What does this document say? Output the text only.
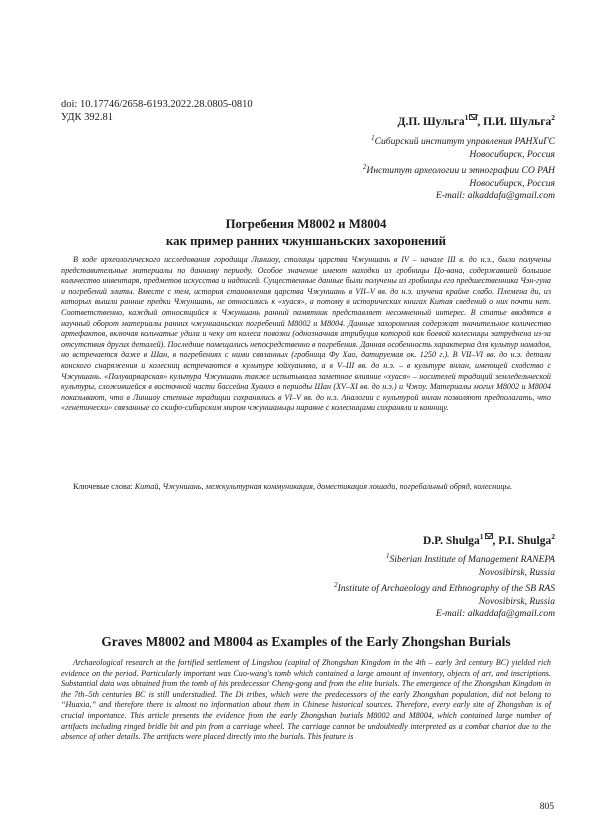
doi: 10.17746/2658-6193.2022.28.0805-0810
УДК 392.81	Д.П. Шульга$^1$ , П.И. Шульга$^2$
$^1$Сибирский институт управления РАНХиГС
Новосибирск, Россия
$^2$Институт археологии и этнографии СО РАН
Новосибирск, Россия
E-mail: alkaddafa@gmail.com
Погребения М8002 и М8004
как пример ранних чжуншаньских захоронений

В ходе археологического исследования городища Линшоу, столицы царства Чжуншань в IV – начале III в. до н.э., были получены представительные материалы по данному периоду. Особое значение имеют находки из гробницы Цо-вана, содержавшей большое количество инвентаря, предметов искусства и надписей. Существенные данные были получены из гробницы его предшественника Чэн-гуна и погребений элиты. Вместе с тем, история становления царства Чжуншань в VII–V вв. до н.э. изучена крайне слабо. Племена ди, из которых вышли ранние предки Чжуншань, не относились к «хуася», а потому в исторических книгах Китая сведений о них почти нет. Соответственно, каждый относящийся к Чжуншань ранний памятник представляет несомненный интерес. В статье вводятся в научный оборот материалы ранних чжуншаньских погребений М8002 и М8004. Данные захоронения содержат значительное количество артефактов, включая кольчатые удила и чеку от колеса повозки (однозначная атрибуция которой как боевой колесницы затруднена из-за отсутствия других деталей). Последние помещались непосредственно в погребения. Данная особенность характерна для культур номадов, но встречается даже в Шан, в погребениях с ними связанных (гробница Фу Хао, датируемая ок. 1250 г.). В VII–VI вв. до н.э. детали конского снаряжения и колесниц встречаются в культуре юйхуанмяо, а в V–III вв. до н.э. – в культуре янлан, имеющей сходство с Чжуншань. «Полуварварская» культура Чжуншань также испытывала заметное влияние «хуася» – носителей традиций земледельческой культуры, сложившейся в восточной части бассейна Хуанхэ в периоды Шан (XV–XI вв. до н.э.) и Чжоу. Материалы могил М8002 и М8004 показывают, что в Линшоу степные традиции сохранялись в VI–V вв. до н.э. Аналогии с культурой янлан позволяют предполагать, что «генетически» связанные со скифо-сибирским миром чжуншаньцы наравне с колесницами сохраняли и конницу.

Ключевые слова: Китай, Чжуншань, межкультурная коммуникация, доместикация лошади, погребальный обряд, колесницы.
D.P. Shulga$^1$ , P.I. Shulga$^2$
$^1$Siberian Institute of Management RANEPA
Novosibirsk, Russia
$^2$Institute of Archaeology and Ethnography of the SB RAS
Novosibirsk, Russia
E-mail: alkaddafa@gmail.com
Graves M8002 and M8004 as Examples of the Early Zhongshan Burials

Archaeological research at the fortified settlement of Lingshou (capital of Zhongshan Kingdom in the 4th – early 3rd century BC) yielded rich evidence on the period. Particularly important was Cuo-wang's tomb which contained a large amount of inventory, objects of art, and inscriptions. Substantial data was obtained from the tomb of his predecessor Cheng-gong and from the elite burials. The emergence of the Zhongshan Kingdom in the 7th–5th centuries BC is still understudied. The Di tribes, which were the predecessors of the early Zhongshan population, did not belong to “Huaxia,” and therefore there is almost no information about them in Chinese historical sources. Therefore, every early site of Zhongshan is of crucial importance. This article presents the evidence from the early Zhongshan burials M8002 and M8004, which contained large number of artifacts including ringed bridle bit and pin from a carriage wheel. The carriage cannot be undoubtedly interpreted as a combat chariot due to the absence of other details. The artifacts were placed directly into the burials. This feature is

805
